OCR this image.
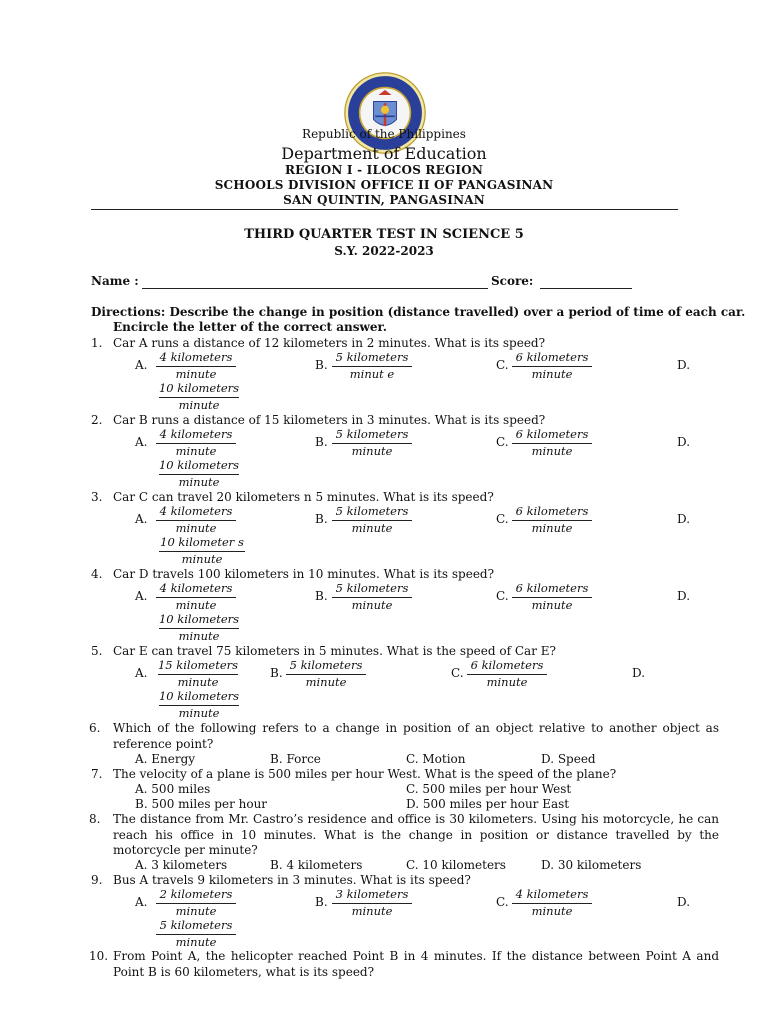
Republic of the Philippines
Department of Education
REGION I - ILOCOS REGION
SCHOOLS DIVISION OFFICE II OF PANGASINAN
SAN QUINTIN, PANGASINAN
THIRD QUARTER TEST IN SCIENCE 5
S.Y. 2022-2023
Name :	Score:
Directions: Describe the change in position (distance travelled) over a period of time of each car.
Encircle the letter of the correct answer.
1. Car A runs a distance of 12 kilometers in 2 minutes. What is its speed?
A.
4 kilometers
minute
B.
5 kilometers
minut e
C.
6 kilometers
minute
D.
10 kilometers
minute
2. Car B runs a distance of 15 kilometers in 3 minutes. What is its speed?
A.
4 kilometers
minute
B.
5 kilometers
minute
C.
6 kilometers
minute
D.
10 kilometers
minute
3. Car C can travel 20 kilometers n 5 minutes. What is its speed?
A.
4 kilometers
minute
B.
5 kilometers
minute
C.
6 kilometers
minute
D.
10 kilometer s
minute
4. Car D travels 100 kilometers in 10 minutes. What is its speed?
A.
4 kilometers
minute
B.
5 kilometers
minute
C.
6 kilometers
minute
D.
10 kilometers
minute
5. Car E can travel 75 kilometers in 5 minutes. What is the speed of Car E?
A.
15 kilometers
minute
B.
5 kilometers
minute
C.
6 kilometers
minute
D.
10 kilometers
minute
6. Which of the following refers to a change in position of an object relative to another object as reference point?
A. Energy	B. Force	C. Motion	D. Speed
7. The velocity of a plane is 500 miles per hour West. What is the speed of the plane?
A. 500 miles	C. 500 miles per hour West
B. 500 miles per hour	D. 500 miles per hour East
8. The distance from Mr. Castro’s residence and office is 30 kilometers. Using his motorcycle, he can reach his office in 10 minutes. What is the change in position or distance travelled by the motorcycle per minute?
A. 3 kilometers	B. 4 kilometers	C. 10 kilometers	D. 30 kilometers
9. Bus A travels 9 kilometers in 3 minutes. What is its speed?
A.
2 kilometers
minute
B.
3 kilometers
minute
C.
4 kilometers
minute
D.
5 kilometers
minute
10. From Point A, the helicopter reached Point B in 4 minutes. If the distance between Point A and Point B is 60 kilometers, what is its speed?
